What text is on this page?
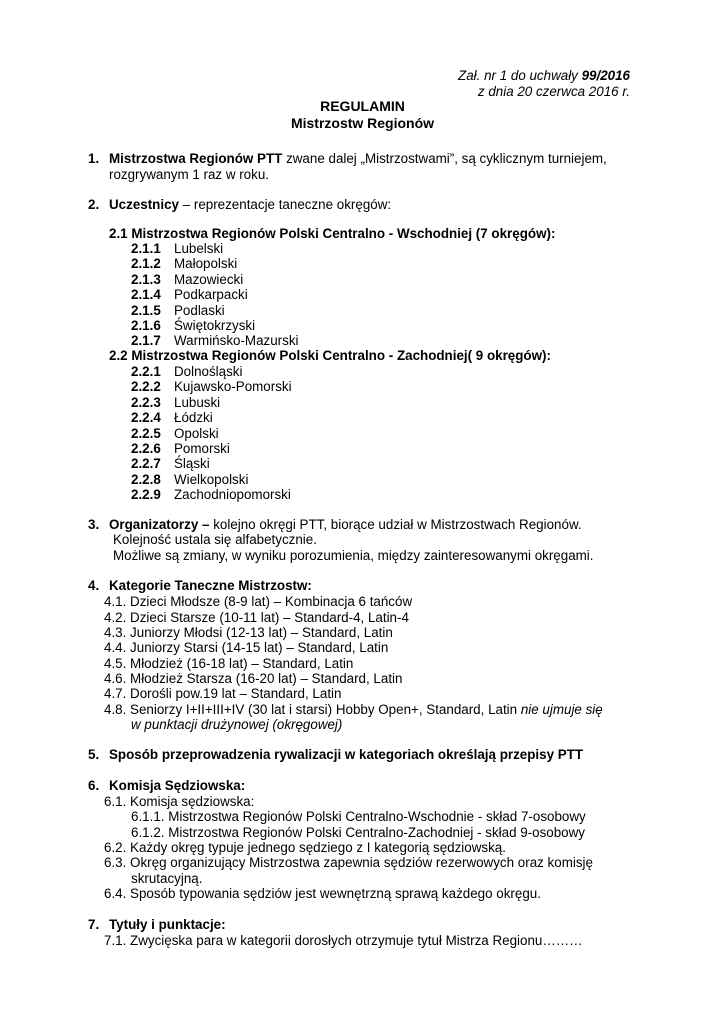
Zał. nr 1 do uchwały 99/2016
z dnia 20 czerwca 2016 r.
REGULAMIN
Mistrzostw Regionów
1. Mistrzostwa Regionów PTT zwane dalej „Mistrzostwami”, są cyklicznym turniejem,
rozgrywanym 1 raz w roku.
2. Uczestnicy – reprezentacje taneczne okręgów:
2.1 Mistrzostwa Regionów Polski Centralno - Wschodniej (7 okręgów):
2.1.1 Lubelski
2.1.2 Małopolski
2.1.3 Mazowiecki
2.1.4 Podkarpacki
2.1.5 Podlaski
2.1.6 Świętokrzyski
2.1.7 Warmińsko-Mazurski
2.2 Mistrzostwa Regionów Polski Centralno - Zachodniej( 9 okręgów):
2.2.1 Dolnośląski
2.2.2 Kujawsko-Pomorski
2.2.3 Lubuski
2.2.4 Łódzki
2.2.5 Opolski
2.2.6 Pomorski
2.2.7 Śląski
2.2.8 Wielkopolski
2.2.9 Zachodniopomorski
3. Organizatorzy – kolejno okręgi PTT, biorące udział w Mistrzostwach Regionów.
Kolejność ustala się alfabetycznie.
Możliwe są zmiany, w wyniku porozumienia, między zainteresowanymi okręgami.
4. Kategorie Taneczne Mistrzostw:
4.1. Dzieci Młodsze (8-9 lat) – Kombinacja 6 tańców
4.2. Dzieci Starsze (10-11 lat) – Standard-4, Latin-4
4.3. Juniorzy Młodsi (12-13 lat) – Standard, Latin
4.4. Juniorzy Starsi (14-15 lat) – Standard, Latin
4.5. Młodzież (16-18 lat) – Standard, Latin
4.6. Młodzież Starsza (16-20 lat) – Standard, Latin
4.7. Dorośli pow.19 lat – Standard, Latin
4.8. Seniorzy I+II+III+IV (30 lat i starsi) Hobby Open+, Standard, Latin nie ujmuje się
w punktacji drużynowej (okręgowej)
5. Sposób przeprowadzenia rywalizacji w kategoriach określają przepisy PTT
6. Komisja Sędziowska:
6.1. Komisja sędziowska:
6.1.1. Mistrzostwa Regionów Polski Centralno-Wschodnie - skład 7-osobowy
6.1.2. Mistrzostwa Regionów Polski Centralno-Zachodniej - skład 9-osobowy
6.2. Każdy okręg typuje jednego sędziego z I kategorią sędziowską.
6.3. Okręg organizujący Mistrzostwa zapewnia sędziów rezerwowych oraz komisję
skrutacyjną.
6.4. Sposób typowania sędziów jest wewnętrzną sprawą każdego okręgu.
7. Tytuły i punktacje:
7.1. Zwycięska para w kategorii dorosłych otrzymuje tytuł Mistrza Regionu………
